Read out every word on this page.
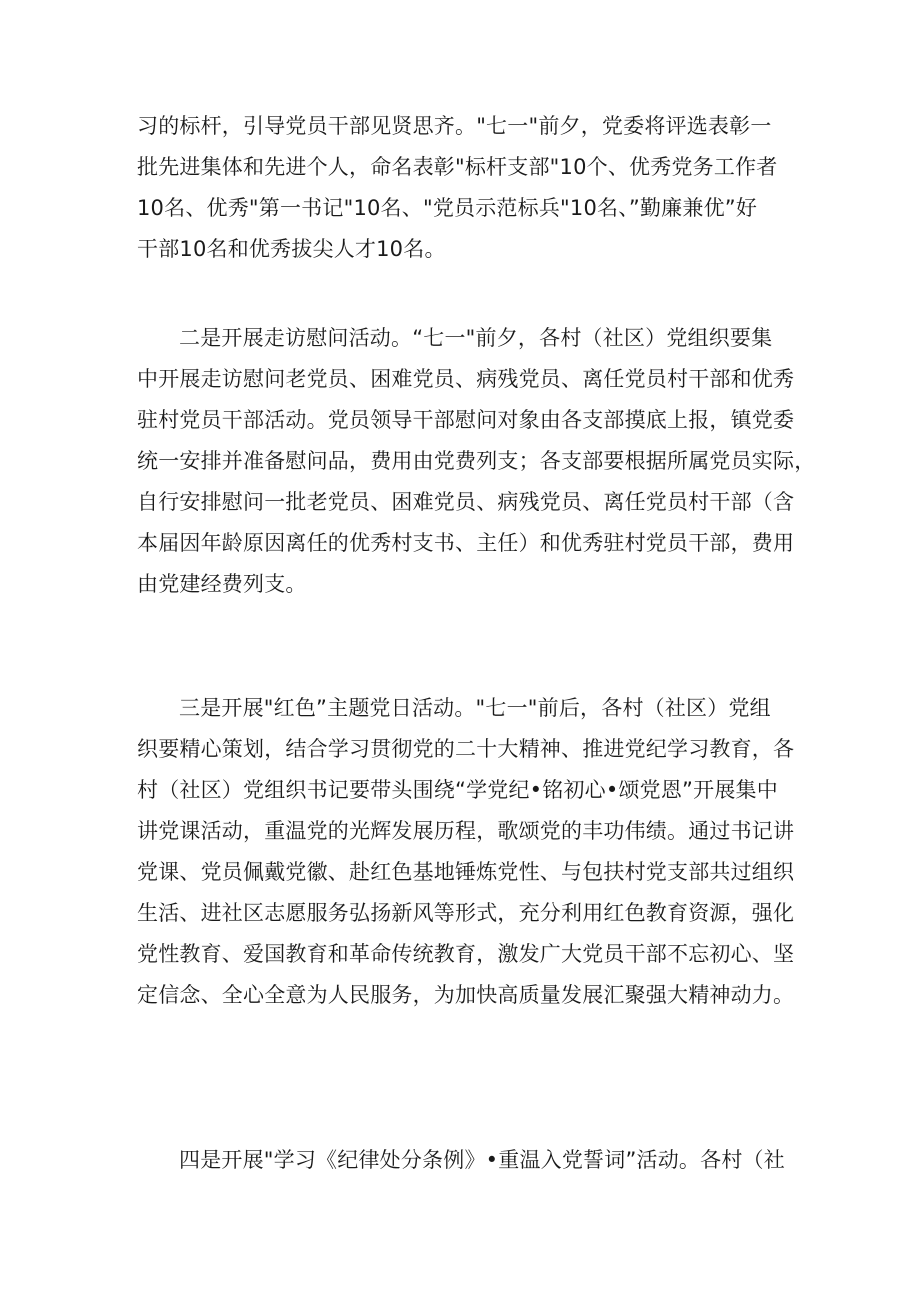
习的标杆，引导党员干部见贤思齐。"七一"前夕，党委将评选表彰一
批先进集体和先进个人，命名表彰"标杆支部"10个、优秀党务工作者
10名、优秀"第一书记"10名、"党员示范标兵"10名、”勤廉兼优”好
干部10名和优秀拔尖人才10名。

二是开展走访慰问活动。“七一"前夕，各村（社区）党组织要集
中开展走访慰问老党员、困难党员、病残党员、离任党员村干部和优秀
驻村党员干部活动。党员领导干部慰问对象由各支部摸底上报，镇党委
统一安排并准备慰问品，费用由党费列支；各支部要根据所属党员实际，
自行安排慰问一批老党员、困难党员、病残党员、离任党员村干部（含
本届因年龄原因离任的优秀村支书、主任）和优秀驻村党员干部，费用
由党建经费列支。

三是开展"红色”主题党日活动。"七一"前后，各村（社区）党组
织要精心策划，结合学习贯彻党的二十大精神、推进党纪学习教育，各
村（社区）党组织书记要带头围绕“学党纪•铭初心•颂党恩”开展集中
讲党课活动，重温党的光辉发展历程，歌颂党的丰功伟绩。通过书记讲
党课、党员佩戴党徽、赴红色基地锤炼党性、与包扶村党支部共过组织
生活、进社区志愿服务弘扬新风等形式，充分利用红色教育资源，强化
党性教育、爱国教育和革命传统教育，激发广大党员干部不忘初心、坚
定信念、全心全意为人民服务，为加快高质量发展汇聚强大精神动力。

四是开展"学习《纪律处分条例》•重温入党誓词”活动。各村（社
